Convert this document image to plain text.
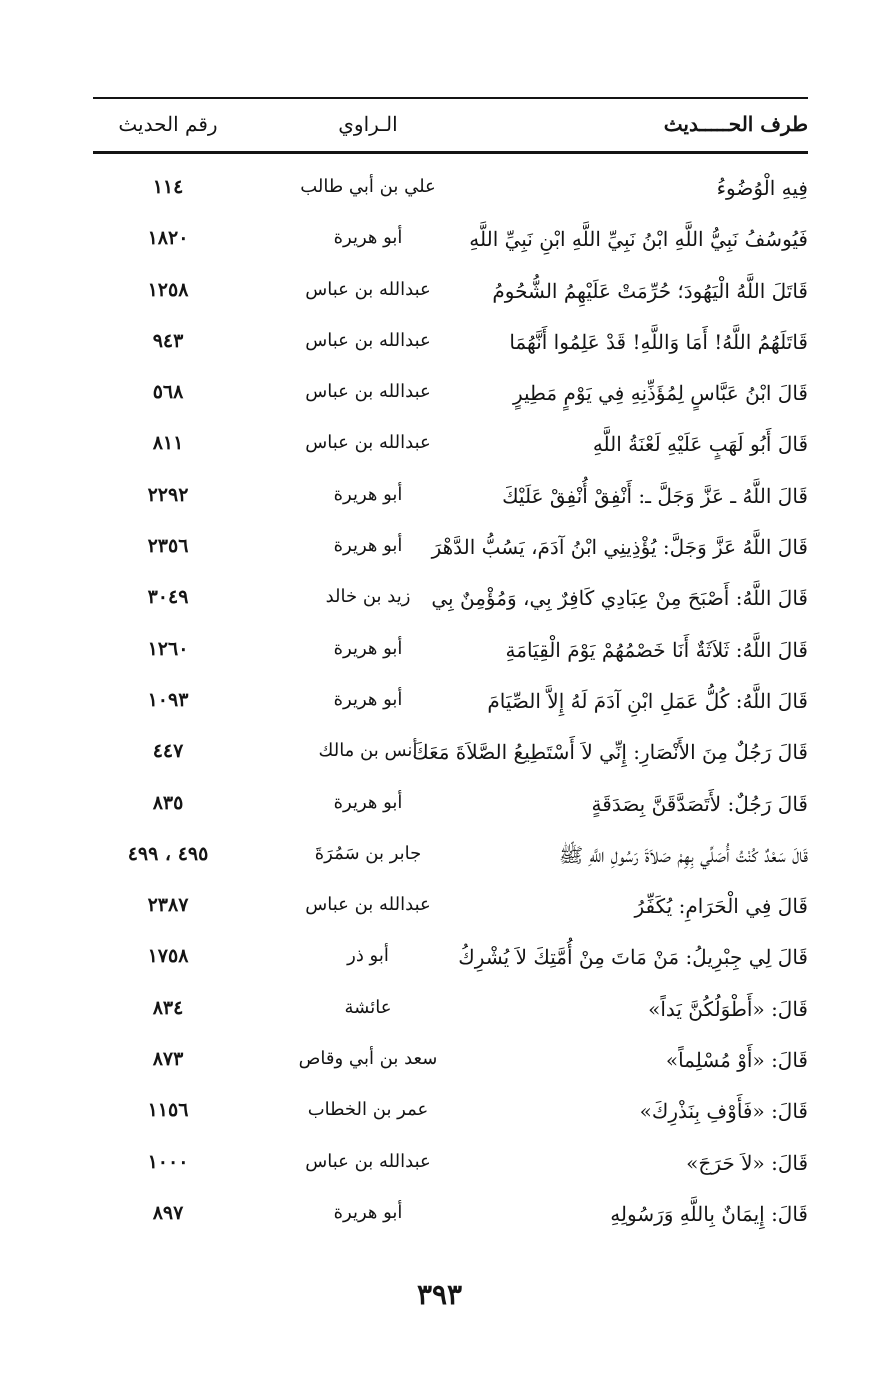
طرف الحـــــديث
الـراوي
رقم الحديث
فِيهِ الْوُضُوءُ
علي بن أبي طالب
١١٤
فَيُوسُفُ نَبِيُّ اللَّهِ ابْنُ نَبِيِّ اللَّهِ ابْنِ نَبِيِّ اللَّهِ
أبو هريرة
١٨٢٠
قَاتَلَ اللَّهُ الْيَهُودَ؛ حُرِّمَتْ عَلَيْهِمُ الشُّحُومُ
عبدالله بن عباس
١٢٥٨
قَاتَلَهُمُ اللَّهُ! أَمَا وَاللَّهِ! قَدْ عَلِمُوا أَنَّهُمَا
عبدالله بن عباس
٩٤٣
قَالَ ابْنُ عَبَّاسٍ لِمُؤَذِّنِهِ فِي يَوْمٍ مَطِيرٍ
عبدالله بن عباس
٥٦٨
قَالَ أَبُو لَهَبٍ عَلَيْهِ لَعْنَةُ اللَّهِ
عبدالله بن عباس
٨١١
قَالَ اللَّهُ ـ عَزَّ وَجَلَّ ـ: أَنْفِقْ أُنْفِقْ عَلَيْكَ
أبو هريرة
٢٢٩٢
قَالَ اللَّهُ عَزَّ وَجَلَّ: يُؤْذِينِي ابْنُ آدَمَ، يَسُبُّ الدَّهْرَ
أبو هريرة
٢٣٥٦
قَالَ اللَّهُ: أَصْبَحَ مِنْ عِبَادِي كَافِرٌ بِي، وَمُؤْمِنٌ بِي
زيد بن خالد
٣٠٤٩
قَالَ اللَّهُ: ثَلاَثَةٌ أَنَا خَصْمُهُمْ يَوْمَ الْقِيَامَةِ
أبو هريرة
١٢٦٠
قَالَ اللَّهُ: كُلُّ عَمَلِ ابْنِ آدَمَ لَهُ إِلاَّ الصِّيَامَ
أبو هريرة
١٠٩٣
قَالَ رَجُلٌ مِنَ الأَنْصَارِ: إِنِّي لاَ أَسْتَطِيعُ الصَّلاَةَ مَعَكَ
أنس بن مالك
٤٤٧
قَالَ رَجُلٌ: لأَتَصَدَّقَنَّ بِصَدَقَةٍ
أبو هريرة
٨٣٥
قَالَ سَعْدٌ كُنْتُ أُصَلِّي بِهِمْ صَلاَةَ رَسُولِ اللَّهِ ﷺ
جابر بن سَمُرَةَ
٤٩٥ ، ٤٩٩
قَالَ فِي الْحَرَامِ: يُكَفِّرُ
عبدالله بن عباس
٢٣٨٧
قَالَ لِي جِبْرِيلُ: مَنْ مَاتَ مِنْ أُمَّتِكَ لاَ يُشْرِكُ
أبو ذر
١٧٥٨
قَالَ: «أَطْوَلُكُنَّ يَداً»
عائشة
٨٣٤
قَالَ: «أَوْ مُسْلِماً»
سعد بن أبي وقاص
٨٧٣
قَالَ: «فَأَوْفِ بِنَذْرِكَ»
عمر بن الخطاب
١١٥٦
قَالَ: «لاَ حَرَجَ»
عبدالله بن عباس
١٠٠٠
قَالَ: إِيمَانٌ بِاللَّهِ وَرَسُولِهِ
أبو هريرة
٨٩٧
٣٩٣
